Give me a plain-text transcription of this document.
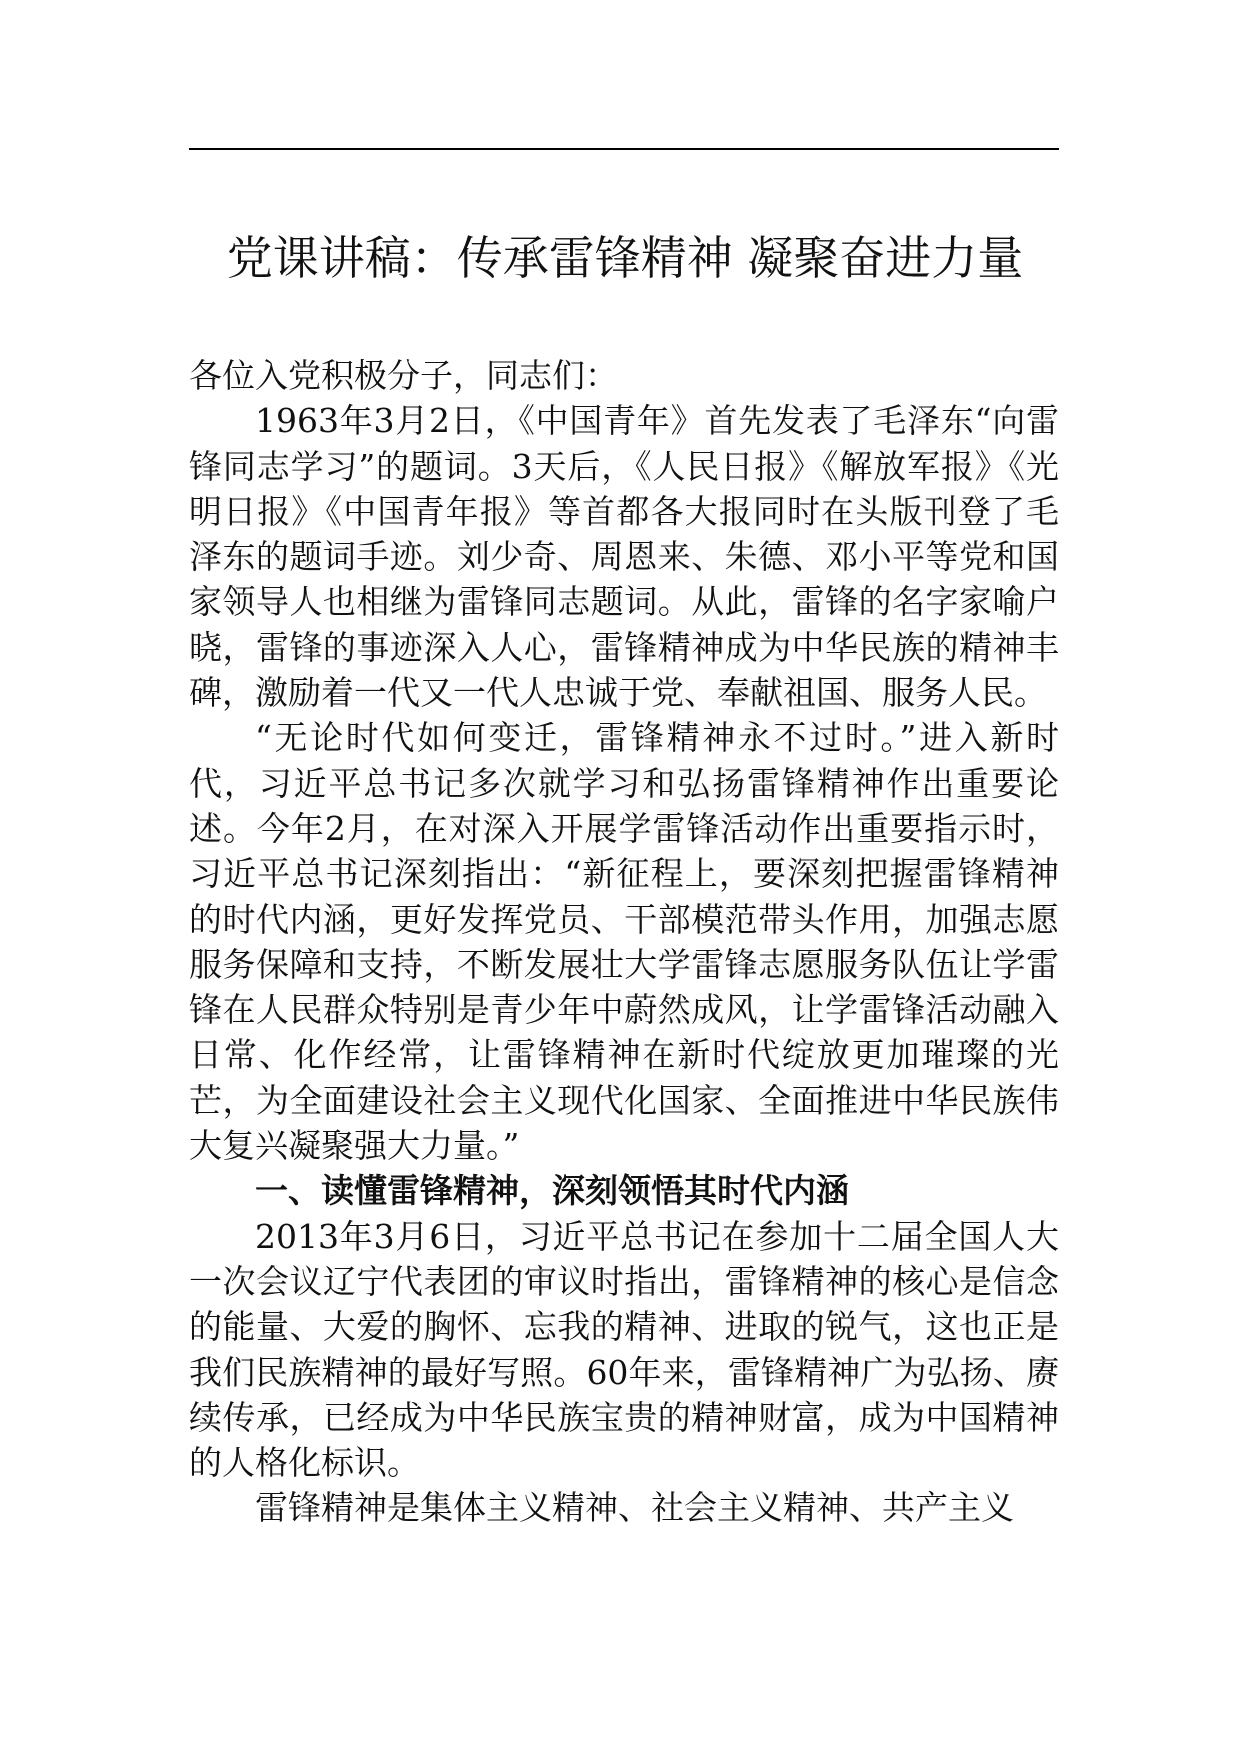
党课讲稿：传承雷锋精神 凝聚奋进力量

各位入党积极分子，同志们：

1963年3月2日，《中国青年》首先发表了毛泽东“向雷锋同志学习”的题词。3天后，《人民日报》《解放军报》《光明日报》《中国青年报》等首都各大报同时在头版刊登了毛泽东的题词手迹。刘少奇、周恩来、朱德、邓小平等党和国家领导人也相继为雷锋同志题词。从此，雷锋的名字家喻户晓，雷锋的事迹深入人心，雷锋精神成为中华民族的精神丰碑，激励着一代又一代人忠诚于党、奉献祖国、服务人民。

“无论时代如何变迁，雷锋精神永不过时。”进入新时代，习近平总书记多次就学习和弘扬雷锋精神作出重要论述。今年2月，在对深入开展学雷锋活动作出重要指示时，习近平总书记深刻指出：“新征程上，要深刻把握雷锋精神的时代内涵，更好发挥党员、干部模范带头作用，加强志愿服务保障和支持，不断发展壮大学雷锋志愿服务队伍让学雷锋在人民群众特别是青少年中蔚然成风，让学雷锋活动融入日常、化作经常，让雷锋精神在新时代绽放更加璀璨的光芒，为全面建设社会主义现代化国家、全面推进中华民族伟大复兴凝聚强大力量。”

一、读懂雷锋精神，深刻领悟其时代内涵

2013年3月6日，习近平总书记在参加十二届全国人大一次会议辽宁代表团的审议时指出，雷锋精神的核心是信念的能量、大爱的胸怀、忘我的精神、进取的锐气，这也正是我们民族精神的最好写照。60年来，雷锋精神广为弘扬、赓续传承，已经成为中华民族宝贵的精神财富，成为中国精神的人格化标识。

雷锋精神是集体主义精神、社会主义精神、共产主义
